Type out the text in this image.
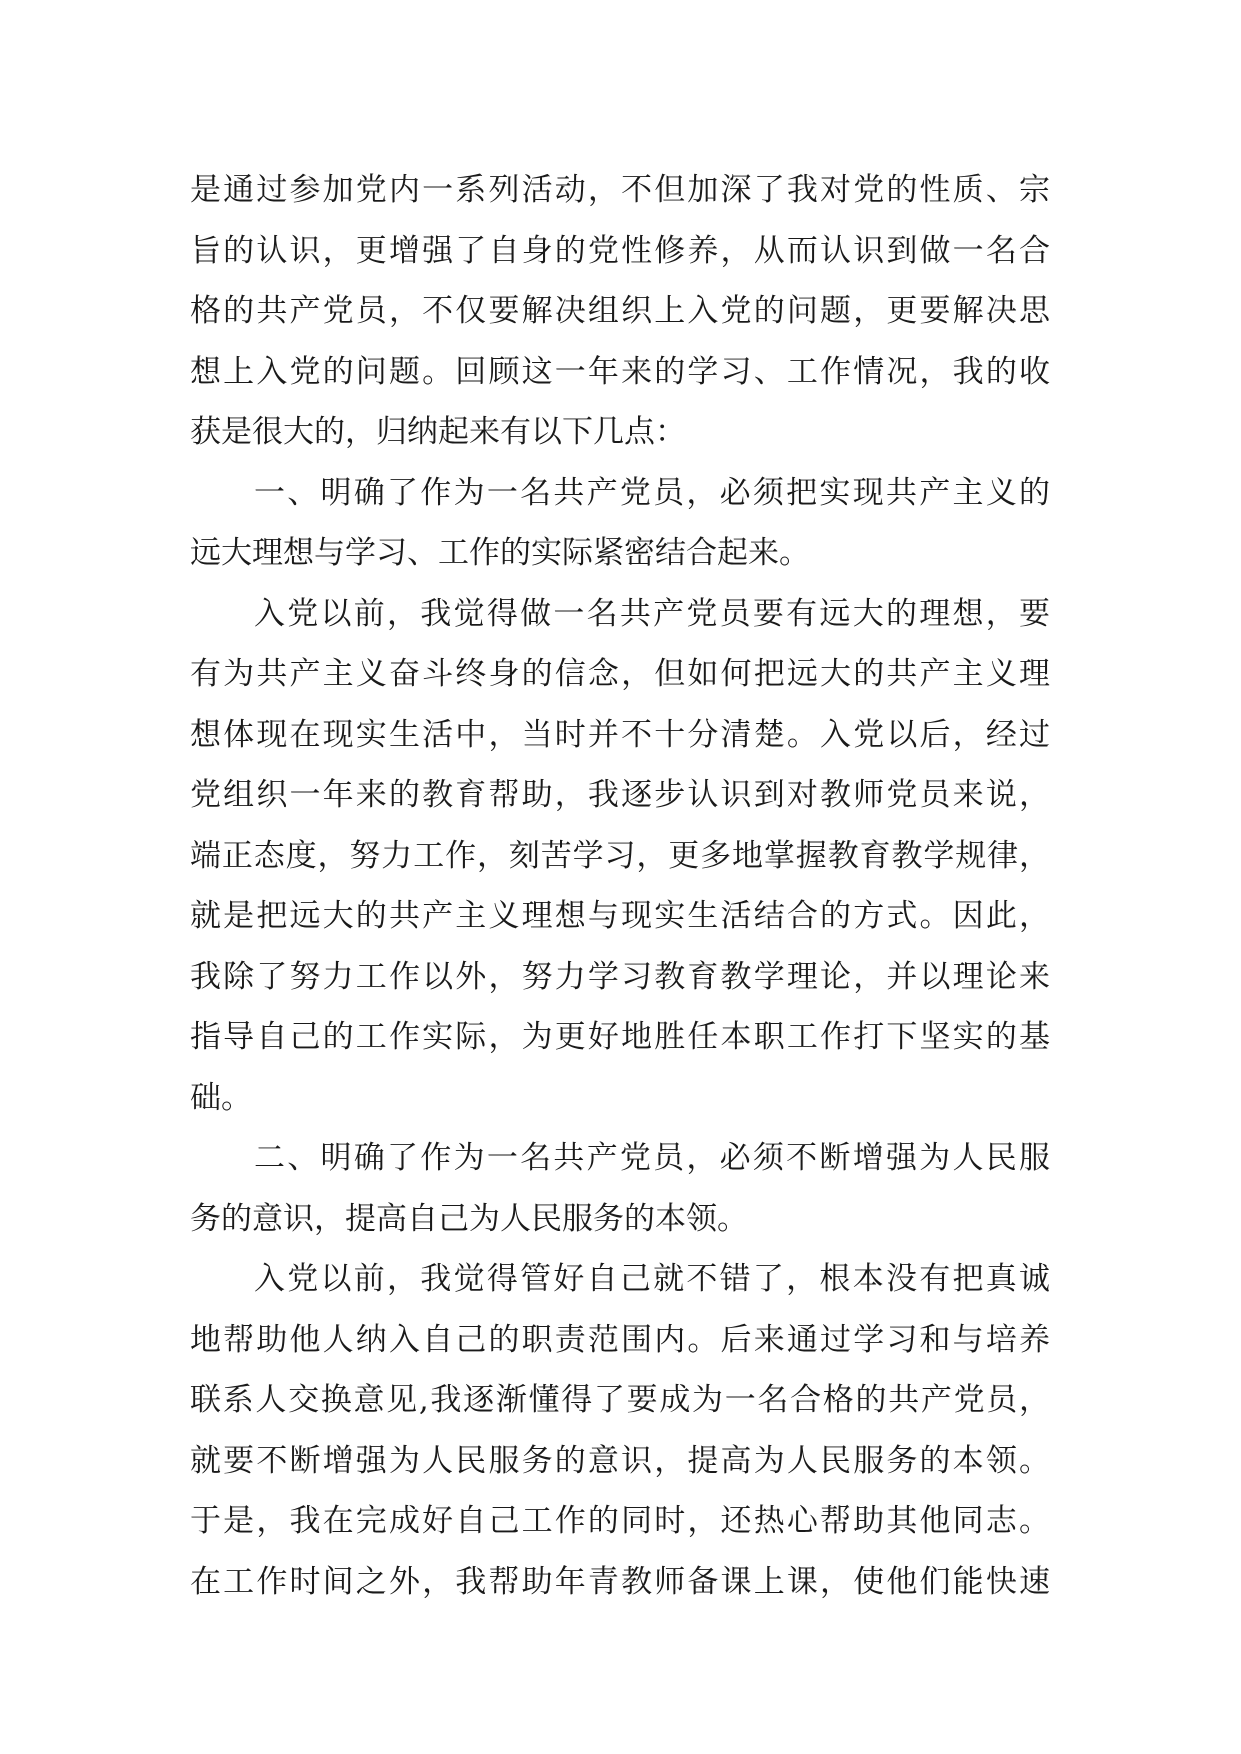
是通过参加党内一系列活动，不但加深了我对党的性质、宗
旨的认识，更增强了自身的党性修养，从而认识到做一名合
格的共产党员，不仅要解决组织上入党的问题，更要解决思
想上入党的问题。回顾这一年来的学习、工作情况，我的收
获是很大的，归纳起来有以下几点：
一、明确了作为一名共产党员，必须把实现共产主义的
远大理想与学习、工作的实际紧密结合起来。
入党以前，我觉得做一名共产党员要有远大的理想，要
有为共产主义奋斗终身的信念，但如何把远大的共产主义理
想体现在现实生活中，当时并不十分清楚。入党以后，经过
党组织一年来的教育帮助，我逐步认识到对教师党员来说，
端正态度，努力工作，刻苦学习，更多地掌握教育教学规律，
就是把远大的共产主义理想与现实生活结合的方式。因此，
我除了努力工作以外，努力学习教育教学理论，并以理论来
指导自己的工作实际，为更好地胜任本职工作打下坚实的基
础。
二、明确了作为一名共产党员，必须不断增强为人民服
务的意识，提高自己为人民服务的本领。
入党以前，我觉得管好自己就不错了，根本没有把真诚
地帮助他人纳入自己的职责范围内。后来通过学习和与培养
联系人交换意见,我逐渐懂得了要成为一名合格的共产党员，
就要不断增强为人民服务的意识，提高为人民服务的本领。
于是，我在完成好自己工作的同时，还热心帮助其他同志。
在工作时间之外，我帮助年青教师备课上课，使他们能快速
